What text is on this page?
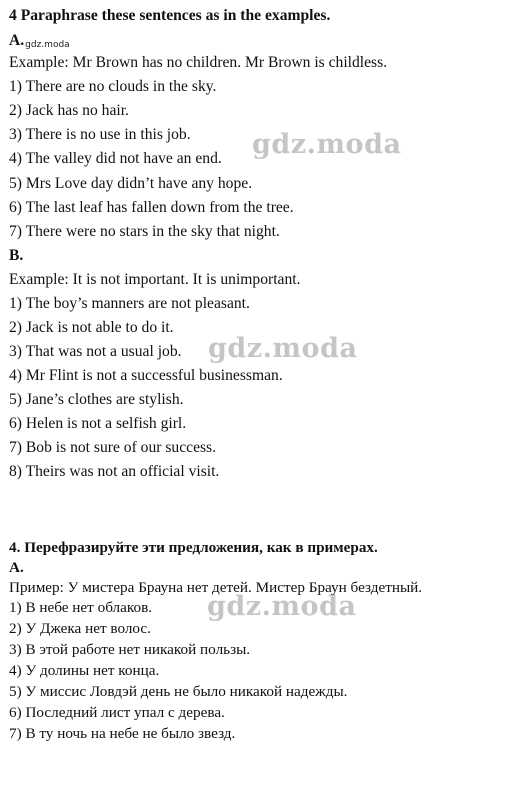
4 Paraphrase these sentences as in the examples.
A.gdz.moda
Example: Mr Brown has no children. Mr Brown is childless.
1) There are no clouds in the sky.
2) Jack has no hair.
3) There is no use in this job.
4) The valley did not have an end.
5) Mrs Love day didn’t have any hope.
6) The last leaf has fallen down from the tree.
7) There were no stars in the sky that night.
B.
Example: It is not important. It is unimportant.
1) The boy’s manners are not pleasant.
2) Jack is not able to do it.
3) That was not a usual job.
4) Mr Flint is not a successful businessman.
5) Jane’s clothes are stylish.
6) Helen is not a selfish girl.
7) Bob is not sure of our success.
8) Theirs was not an official visit.
4. Перефразируйте эти предложения, как в примерах.
А.
Пример: У мистера Брауна нет детей. Мистер Браун бездетный.
1) В небе нет облаков.
2) У Джека нет волос.
3) В этой работе нет никакой пользы.
4) У долины нет конца.
5) У миссис Ловдэй день не было никакой надежды.
6) Последний лист упал с дерева.
7) В ту ночь на небе не было звезд.
gdz.moda
gdz.moda
gdz.moda
